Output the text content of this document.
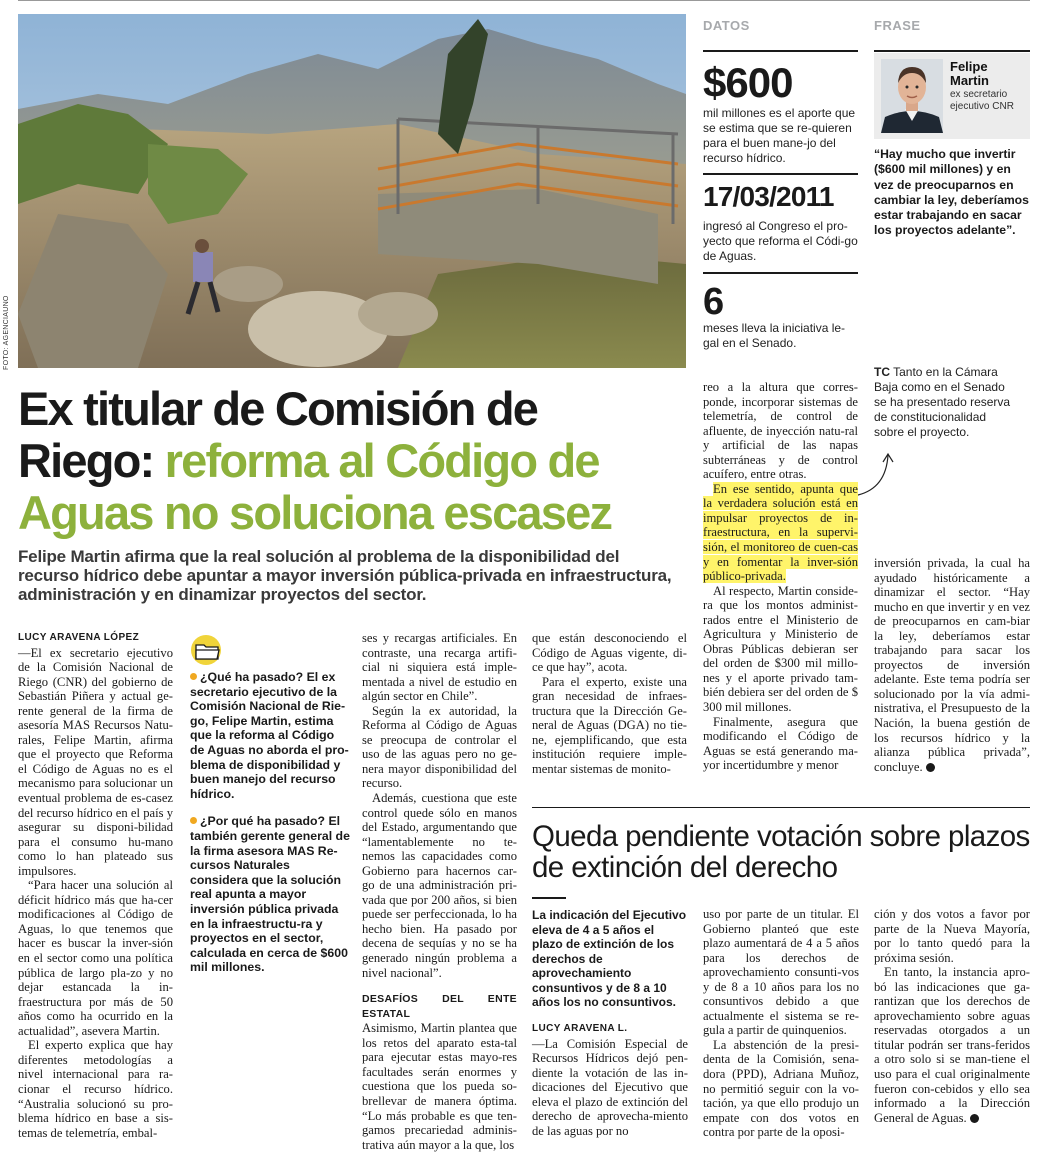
FOTO: AGENCIAUNO
DATOS
$600
mil millones es el aporte que se estima que se re-quieren para el buen mane-jo del recurso hídrico.
17/03/2011
ingresó al Congreso el pro-yecto que reforma el Códi-go de Aguas.
6
meses lleva la iniciativa le-gal en el Senado.
FRASE
Felipe Martin
ex secretario ejecutivo CNR
“Hay mucho que invertir ($600 mil millones) y en vez de preocuparnos en cambiar la ley, deberíamos estar trabajando en sacar los proyectos adelante”.
TC Tanto en la Cámara Baja como en el Senado se ha presentado reserva de constitucionalidad sobre el proyecto.
Ex titular de Comisión de Riego: reforma al Código de Aguas no soluciona escasez
Felipe Martin afirma que la real solución al problema de la disponibilidad del recurso hídrico debe apuntar a mayor inversión pública-privada en infraestructura, administración y en dinamizar proyectos del sector.
LUCY ARAVENA LÓPEZ

—El ex secretario ejecutivo de la Comisión Nacional de Riego (CNR) del gobierno de Sebastián Piñera y actual ge-rente general de la firma de asesoría MAS Recursos Natu-rales, Felipe Martin, afirma que el proyecto que Reforma el Código de Aguas no es el mecanismo para solucionar un eventual problema de es-casez del recurso hídrico en el país y asegurar su disponi-bilidad para el consumo hu-mano como lo han plateado sus impulsores.

“Para hacer una solución al déficit hídrico más que ha-cer modificaciones al Código de Aguas, lo que tenemos que hacer es buscar la inver-sión en el sector como una política pública de largo pla-zo y no dejar estancada la in-fraestructura por más de 50 años como ha ocurrido en la actualidad”, asevera Martin.

El experto explica que hay diferentes metodologías a nivel internacional para ra-cionar el recurso hídrico. “Australia solucionó su pro-blema hídrico en base a sis-temas de telemetría, embal-

¿Qué ha pasado? El ex secretario ejecutivo de la Comisión Nacional de Rie-go, Felipe Martin, estima que la reforma al Código de Aguas no aborda el pro-blema de disponibilidad y buen manejo del recurso hídrico.

¿Por qué ha pasado? El también gerente general de la firma asesora MAS Re-cursos Naturales considera que la solución real apunta a mayor inversión pública privada en la infraestructu-ra y proyectos en el sector, calculada en cerca de $600 mil millones.

ses y recargas artificiales. En contraste, una recarga artifi-cial ni siquiera está imple-mentada a nivel de estudio en algún sector en Chile”.

Según la ex autoridad, la Reforma al Código de Aguas se preocupa de controlar el uso de las aguas pero no ge-nera mayor disponibilidad del recurso.

Además, cuestiona que este control quede sólo en manos del Estado, argumentando que “lamentablemente no te-nemos las capacidades como Gobierno para hacernos car-go de una administración pri-vada que por 200 años, si bien puede ser perfeccionada, lo ha hecho bien. Ha pasado por decena de sequías y no se ha generado ningún problema a nivel nacional”.

DESAFÍOS DEL ENTE ESTATAL

Asimismo, Martin plantea que los retos del aparato esta-tal para ejecutar estas mayo-res facultades serán enormes y cuestiona que los pueda so-brellevar de manera óptima. “Lo más probable es que ten-gamos precariedad adminis-trativa aún mayor a la que, los

que están desconociendo el Código de Aguas vigente, di-ce que hay”, acota.

Para el experto, existe una gran necesidad de infraes-tructura que la Dirección Ge-neral de Aguas (DGA) no tie-ne, ejemplificando, que esta institución requiere imple-mentar sistemas de monito-

reo a la altura que corres-ponde, incorporar sistemas de telemetría, de control de afluente, de inyección natu-ral y artificial de las napas subterráneas y de control acuífero, entre otras.

En ese sentido, apunta que la verdadera solución está en impulsar proyectos de in-fraestructura, en la supervi-sión, el monitoreo de cuen-cas y en fomentar la inver-sión público-privada.

Al respecto, Martin conside-ra que los montos administ-rados entre el Ministerio de Agricultura y Ministerio de Obras Públicas debieran ser del orden de $300 mil millo-nes y el aporte privado tam-bién debiera ser del orden de $ 300 mil millones.

Finalmente, asegura que modificando el Código de Aguas se está generando ma-yor incertidumbre y menor

inversión privada, la cual ha ayudado históricamente a dinamizar el sector. “Hay mucho en que invertir y en vez de preocuparnos en cam-biar la ley, deberíamos estar trabajando para sacar los proyectos de inversión adelante. Este tema podría ser solucionado por la vía admi-nistrativa, el Presupuesto de la Nación, la buena gestión de los recursos hídrico y la alianza pública privada”, concluye.

Queda pendiente votación sobre plazos de extinción del derecho
La indicación del Ejecutivo eleva de 4 a 5 años el plazo de extinción de los derechos de aprovechamiento consuntivos y de 8 a 10 años los no consuntivos.
LUCY ARAVENA L.

—La Comisión Especial de Recursos Hídricos dejó pen-diente la votación de las in-dicaciones del Ejecutivo que eleva el plazo de extinción del derecho de aprovecha-miento de las aguas por no

uso por parte de un titular. El Gobierno planteó que este plazo aumentará de 4 a 5 años para los derechos de aprovechamiento consunti-vos y de 8 a 10 años para los no consuntivos debido a que actualmente el sistema se re-gula a partir de quinquenios.

La abstención de la presi-denta de la Comisión, sena-dora (PPD), Adriana Muñoz, no permitió seguir con la vo-tación, ya que ello produjo un empate con dos votos en contra por parte de la oposi-

ción y dos votos a favor por parte de la Nueva Mayoría, por lo tanto quedó para la próxima sesión.

En tanto, la instancia apro-bó las indicaciones que ga-rantizan que los derechos de aprovechamiento sobre aguas reservadas otorgados a un titular podrán ser trans-feridos a otro solo si se man-tiene el uso para el cual originalmente fueron con-cebidos y ello sea informado a la Dirección General de Aguas.
